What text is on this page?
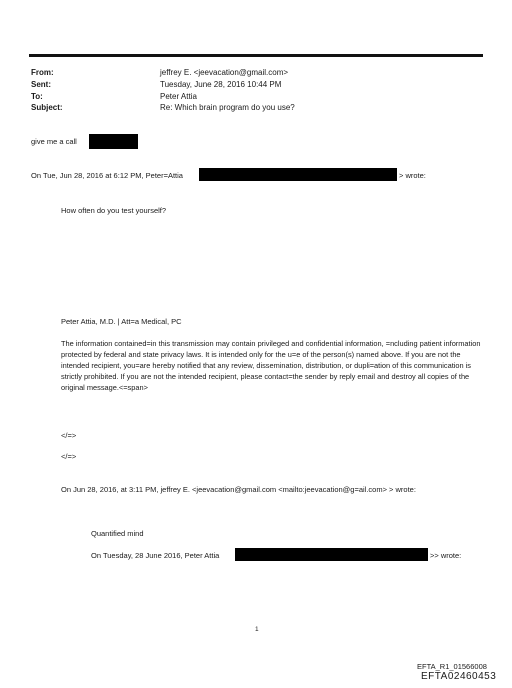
From:	jeffrey E. <jeevacation@gmail.com>
Sent:	Tuesday, June 28, 2016 10:44 PM
To:	Peter Attia
Subject:	Re: Which brain program do you use?
give me a call
On Tue, Jun 28, 2016 at 6:12 PM, Peter=Attia	> wrote:
How often do you test yourself?
Peter Attia, M.D. | Att=a Medical, PC
The information contained=in this transmission may contain privileged and confidential information, =ncluding patient information protected by federal and state privacy laws. It is intended only for the u=e of the person(s) named above. If you are not the intended recipient, you=are hereby notified that any review, dissemination, distribution, or dupli=ation of this communication is strictly prohibited. If you are not the intended recipient, please contact=the sender by reply email and destroy all copies of the original message.<=span>
</=>
</=>
On Jun 28, 2016, at 3:11 PM, jeffrey E. <jeevacation@gmail.com <mailto:jeevacation@g=ail.com> > wrote:
Quantified mind
On Tuesday, 28 June 2016, Peter Attia	>> wrote:
1
EFTA_R1_01566008
EFTA02460453
